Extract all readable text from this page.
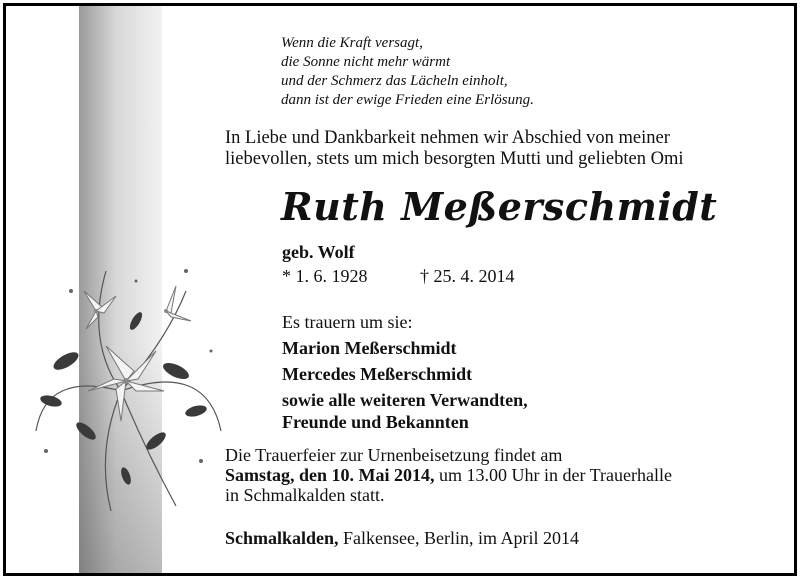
Wenn die Kraft versagt,
die Sonne nicht mehr wärmt
und der Schmerz das Lächeln einholt,
dann ist der ewige Frieden eine Erlösung.
In Liebe und Dankbarkeit nehmen wir Abschied von meiner
liebevollen, stets um mich besorgten Mutti und geliebten Omi
Ruth Meßerschmidt
geb. Wolf
* 1. 6. 1928	† 25. 4. 2014
Es trauern um sie:
Marion Meßerschmidt
Mercedes Meßerschmidt
sowie alle weiteren Verwandten,
Freunde und Bekannten
Die Trauerfeier zur Urnenbeisetzung findet am
Samstag, den 10. Mai 2014, um 13.00 Uhr in der Trauerhalle
in Schmalkalden statt.
Schmalkalden, Falkensee, Berlin, im April 2014
